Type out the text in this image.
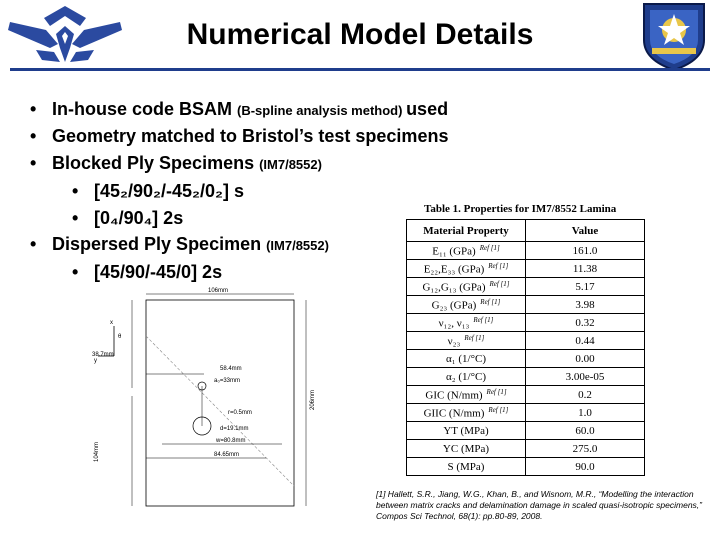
Numerical Model Details
• In-house code BSAM (B-spline analysis method) used
• Geometry matched to Bristol’s test specimens
• Blocked Ply Specimens (IM7/8552)
• [45₂/90₂/-45₂/0₂] s
• [0₄/90₄] 2s
• Dispersed Ply Specimen (IM7/8552)
• [45/90/-45/0] 2s
x
y
θ
106mm
58.4mm
a₀=33mm
38.7mm
r=0.5mm
d=19.1mm
w=80.8mm
104mm	84.65mm
206mm
Table 1. Properties for IM7/8552 Lamina
Material Property	Value
E₁₁ (GPa) $^{Ref [1]}$	161.0
E₂₂,E₃₃ (GPa) $^{Ref [1]}$	11.38
G₁₂,G₁₃ (GPa) $^{Ref [1]}$	5.17
G₂₃ (GPa) $^{Ref [1]}$	3.98
ν₁₂, ν₁₃ $^{Ref [1]}$	0.32
ν₂₃ $^{Ref [1]}$	0.44
α₁ (1/°C)	0.00
α₂ (1/°C)	3.00e-05
GIC (N/mm) $^{Ref [1]}$	0.2
GIIC (N/mm) $^{Ref [1]}$	1.0
YT (MPa)	60.0
YC (MPa)	275.0
S (MPa)	90.0
[1] Hallett, S.R., Jiang, W.G., Khan, B., and Wisnom, M.R., “Modelling the interaction between matrix cracks and delamination damage in scaled quasi-isotropic specimens,” Compos Sci Technol, 68(1): pp.80-89, 2008.
